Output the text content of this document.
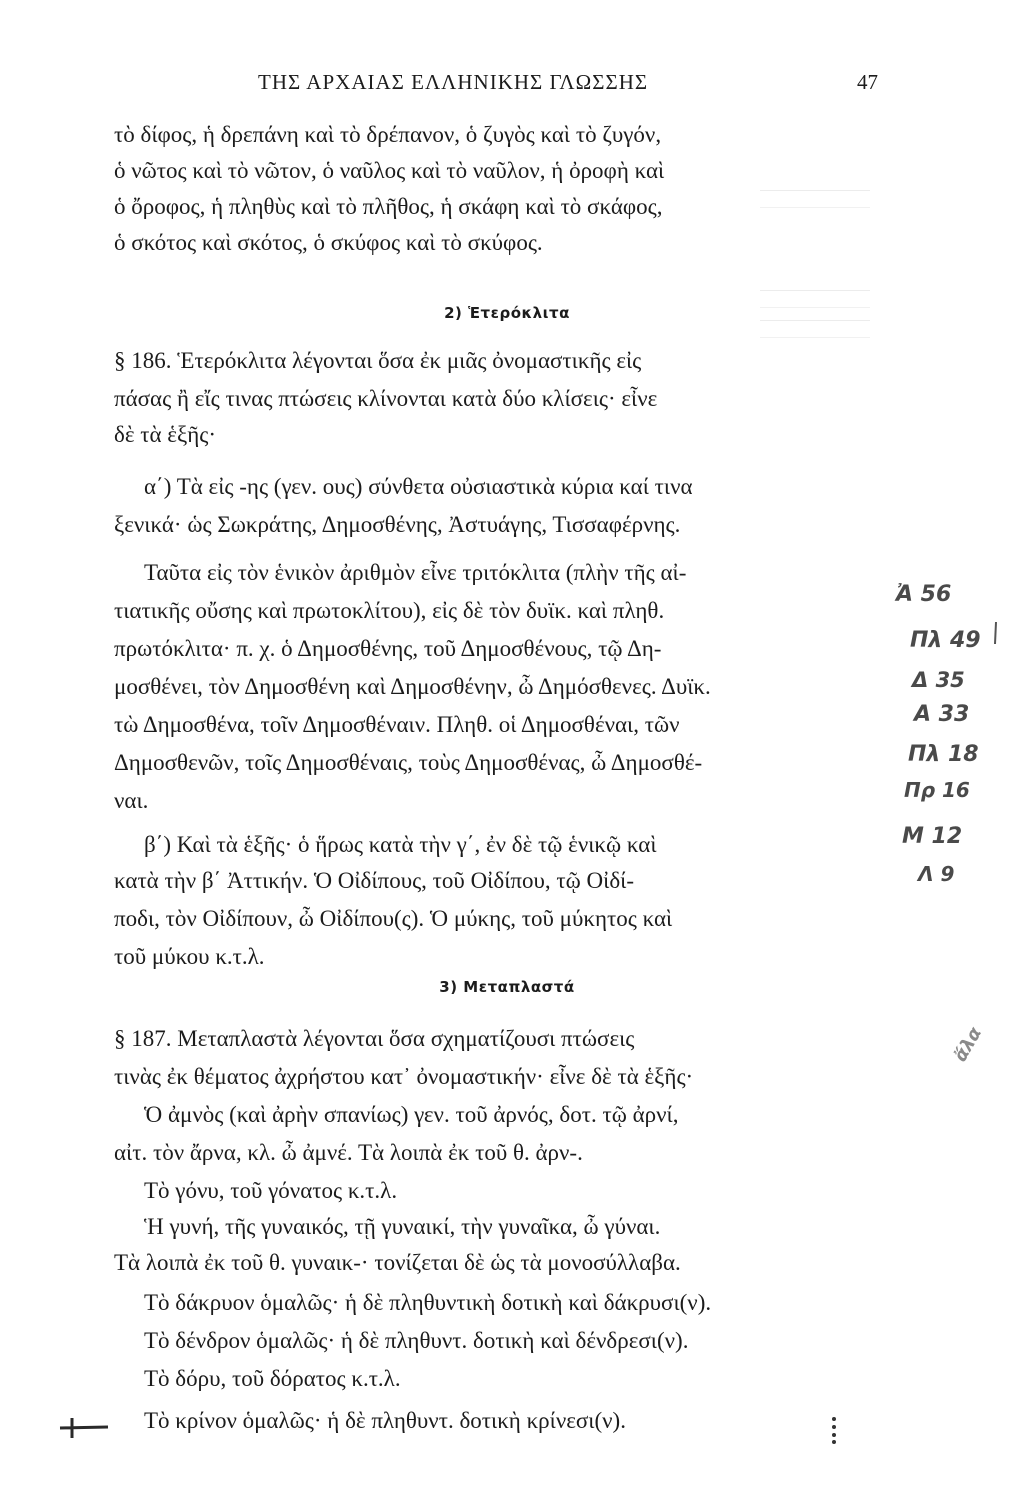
ΤΗΣ ΑΡΧΑΙΑΣ ΕΛΛΗΝΙΚΗΣ ΓΛΩΣΣΗΣ	47
τὸ δίφος, ἡ δρεπάνη καὶ τὸ δρέπανον, ὁ ζυγὸς καὶ τὸ ζυγόν,
ὁ νῶτος καὶ τὸ νῶτον, ὁ ναῦλος καὶ τὸ ναῦλον, ἡ ὀροφὴ καὶ
ὁ ὄροφος, ἡ πληθὺς καὶ τὸ πλῆθος, ἡ σκάφη καὶ τὸ σκάφος,
ὁ σκότος καὶ σκότος, ὁ σκύφος καὶ τὸ σκύφος.
2) Ἑτερόκλιτα
§ 186. Ἑτερόκλιτα λέγονται ὅσα ἐκ μιᾶς ὀνομαστικῆς εἰς
πάσας ἢ εἴς τινας πτώσεις κλίνονται κατὰ δύο κλίσεις· εἶνε
δὲ τὰ ἑξῆς·
α΄) Τὰ εἰς -ης (γεν. ους) σύνθετα οὐσιαστικὰ κύρια καί τινα
ξενικά· ὡς Σωκράτης, Δημοσθένης, Ἀστυάγης, Τισσαφέρνης.
Ταῦτα εἰς τὸν ἑνικὸν ἀριθμὸν εἶνε τριτόκλιτα (πλὴν τῆς αἰ-
τιατικῆς οὔσης καὶ πρωτοκλίτου), εἰς δὲ τὸν δυϊκ. καὶ πληθ.
πρωτόκλιτα· π. χ. ὁ Δημοσθένης, τοῦ Δημοσθένους, τῷ Δη-
μοσθένει, τὸν Δημοσθένη καὶ Δημοσθένην, ὦ Δημόσθενες. Δυϊκ.
τὼ Δημοσθένα, τοῖν Δημοσθέναιν. Πληθ. οἱ Δημοσθέναι, τῶν
Δημοσθενῶν, τοῖς Δημοσθέναις, τοὺς Δημοσθένας, ὦ Δημοσθέ-
ναι.
β΄) Καὶ τὰ ἑξῆς· ὁ ἥρως κατὰ τὴν γ΄, ἐν δὲ τῷ ἑνικῷ καὶ
κατὰ τὴν β΄ Ἀττικήν. Ὁ Οἰδίπους, τοῦ Οἰδίπου, τῷ Οἰδί-
ποδι, τὸν Οἰδίπουν, ὦ Οἰδίπου(ς). Ὁ μύκης, τοῦ μύκητος καὶ
τοῦ μύκου κ.τ.λ.
3) Μεταπλαστά
§ 187. Μεταπλαστὰ λέγονται ὅσα σχηματίζουσι πτώσεις
τινὰς ἐκ θέματος ἀχρήστου κατ᾿ ὀνομαστικήν· εἶνε δὲ τὰ ἑξῆς·
Ὁ ἀμνὸς (καὶ ἀρὴν σπανίως) γεν. τοῦ ἀρνός, δοτ. τῷ ἀρνί,
αἰτ. τὸν ἄρνα, κλ. ὦ ἀμνέ. Τὰ λοιπὰ ἐκ τοῦ θ. ἀρν-.
Τὸ γόνυ, τοῦ γόνατος κ.τ.λ.
Ἡ γυνή, τῆς γυναικός, τῇ γυναικί, τὴν γυναῖκα, ὦ γύναι.
Τὰ λοιπὰ ἐκ τοῦ θ. γυναικ-· τονίζεται δὲ ὡς τὰ μονοσύλλαβα.
Τὸ δάκρυον ὁμαλῶς· ἡ δὲ πληθυντικὴ δοτικὴ καὶ δάκρυσι(ν).
Τὸ δένδρον ὁμαλῶς· ἡ δὲ πληθυντ. δοτικὴ καὶ δένδρεσι(ν).
Τὸ δόρυ, τοῦ δόρατος κ.τ.λ.
Τὸ κρίνον ὁμαλῶς· ἡ δὲ πληθυντ. δοτικὴ κρίνεσι(ν).
Ἀ 56
Πλ 49
Δ 35
Α 33
Πλ 18
Πρ 16
Μ 12
Λ 9
ἄλα
